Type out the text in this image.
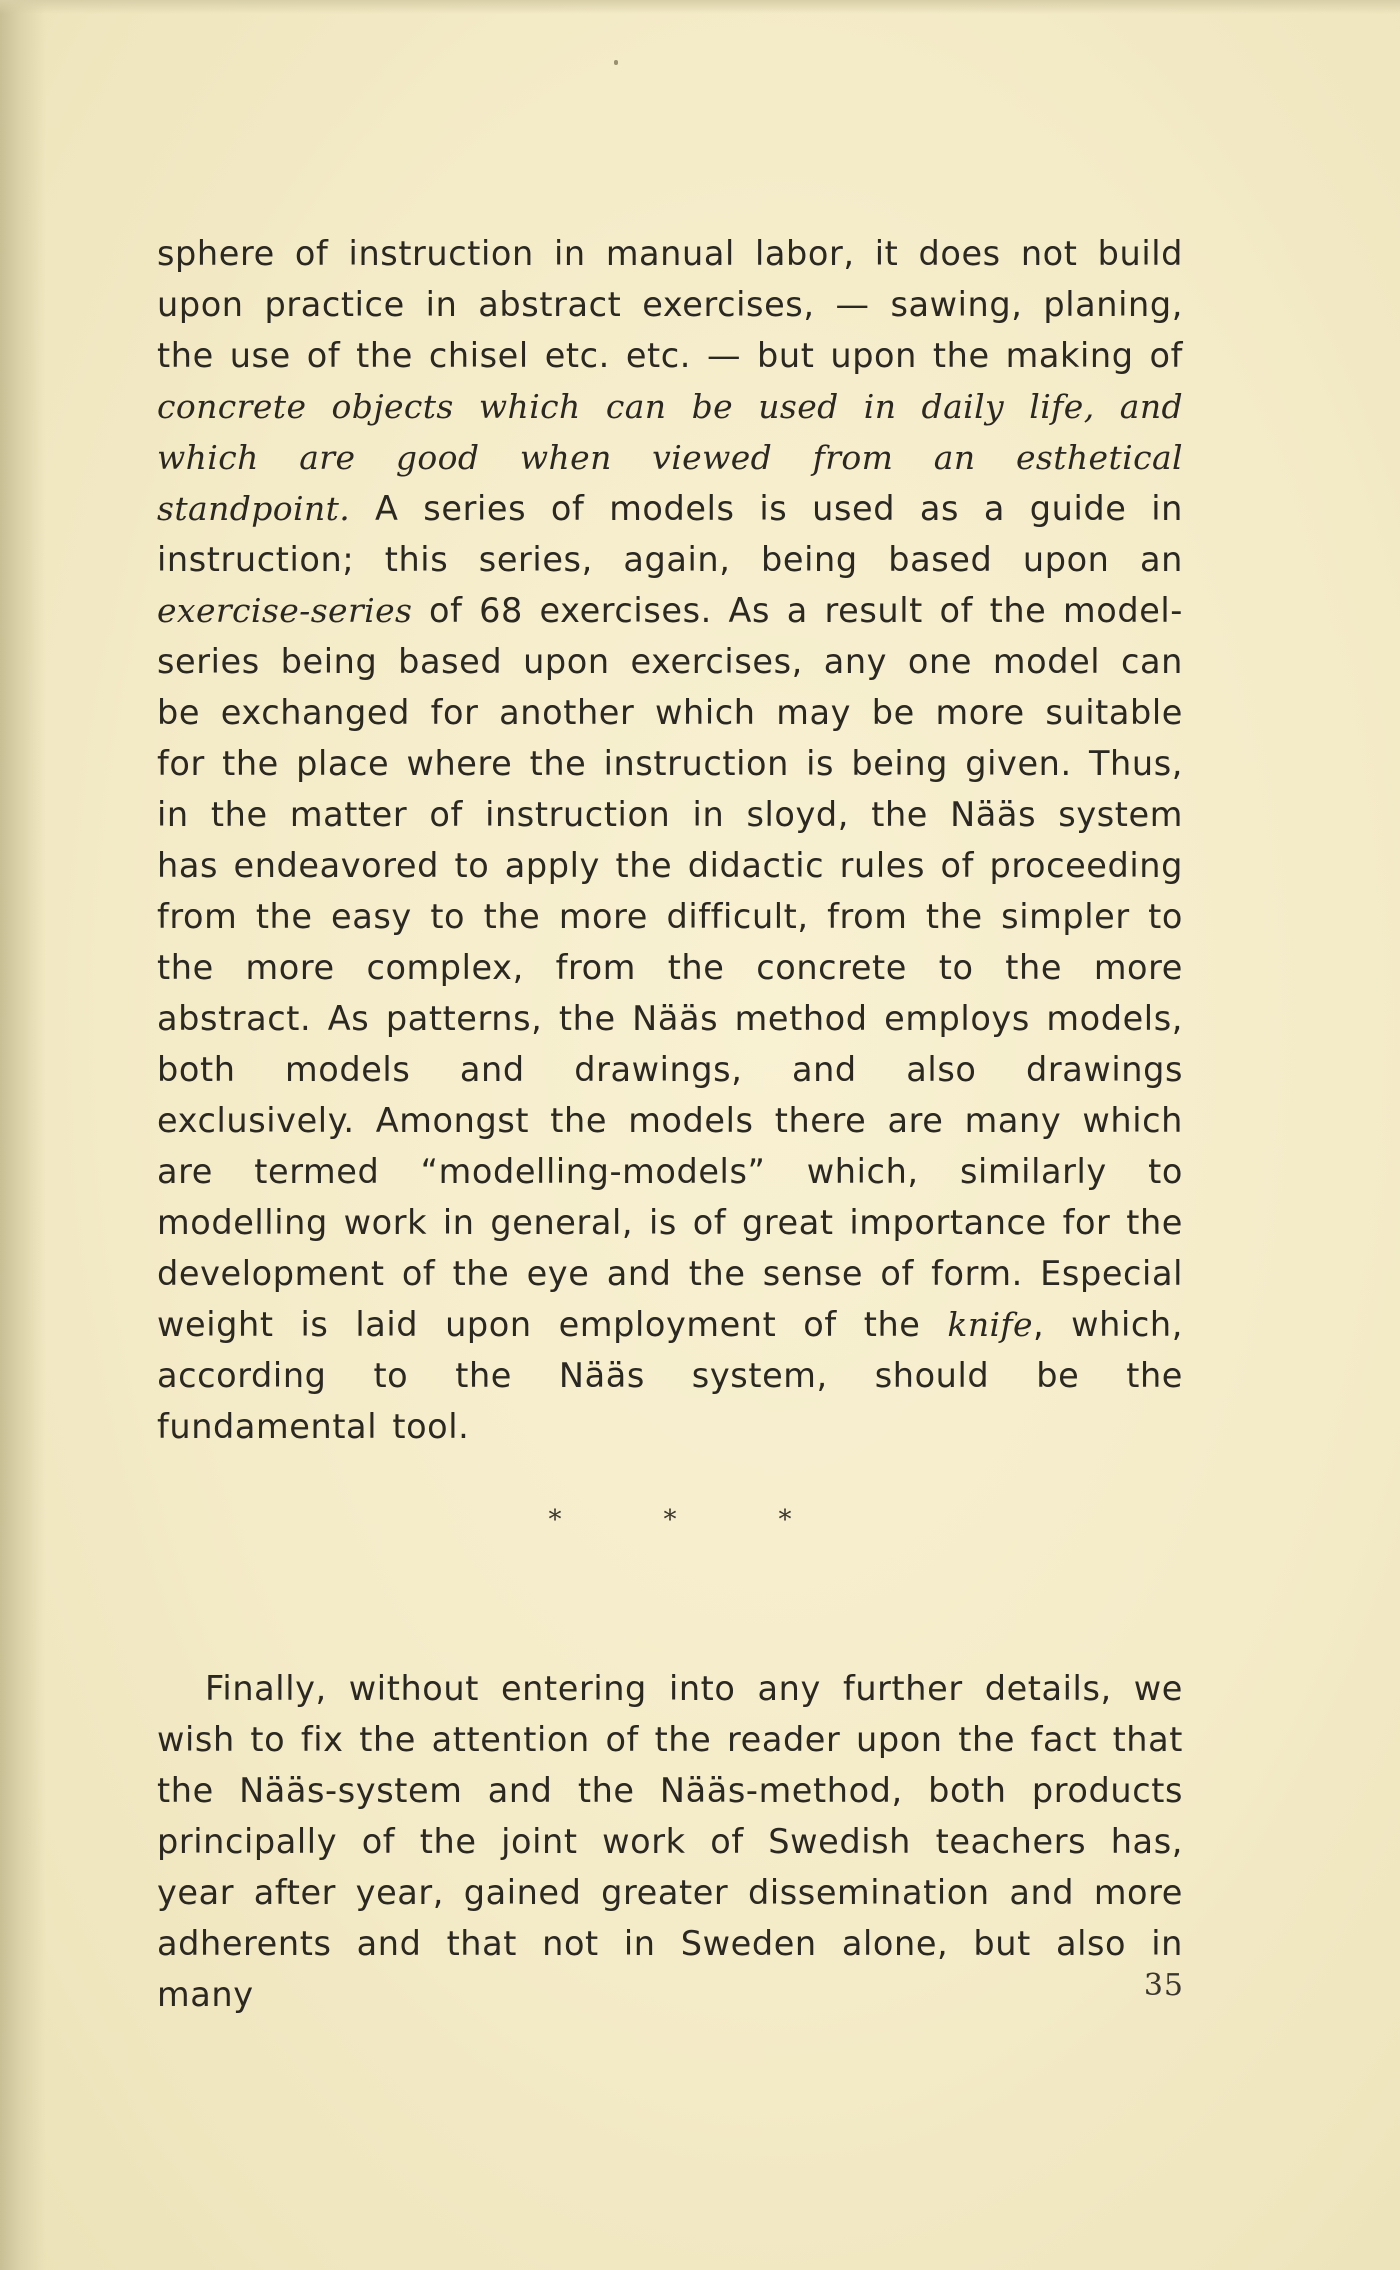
sphere of instruction in manual labor, it does not build upon practice in abstract exercises, — sawing, planing, the use of the chisel etc. etc. — but upon the making of concrete objects which can be used in daily life, and which are good when viewed from an esthetical standpoint. A series of models is used as a guide in instruction; this series, again, being based upon an exercise-series of 68 exercises. As a result of the model-series being based upon exercises, any one model can be exchanged for another which may be more suitable for the place where the instruction is being given. Thus, in the matter of instruction in sloyd, the Nääs system has endeavored to apply the didactic rules of proceeding from the easy to the more difficult, from the simpler to the more complex, from the concrete to the more abstract. As patterns, the Nääs method employs models, both models and drawings, and also drawings exclusively. Amongst the models there are many which are termed “modelling-models” which, similarly to modelling work in general, is of great importance for the development of the eye and the sense of form. Especial weight is laid upon employment of the knife, which, according to the Nääs system, should be the fundamental tool.

*	*	*

Finally, without entering into any further details, we wish to fix the attention of the reader upon the fact that the Nääs-system and the Nääs-method, both products principally of the joint work of Swedish teachers has, year after year, gained greater dissemination and more adherents and that not in Sweden alone, but also in many	35
